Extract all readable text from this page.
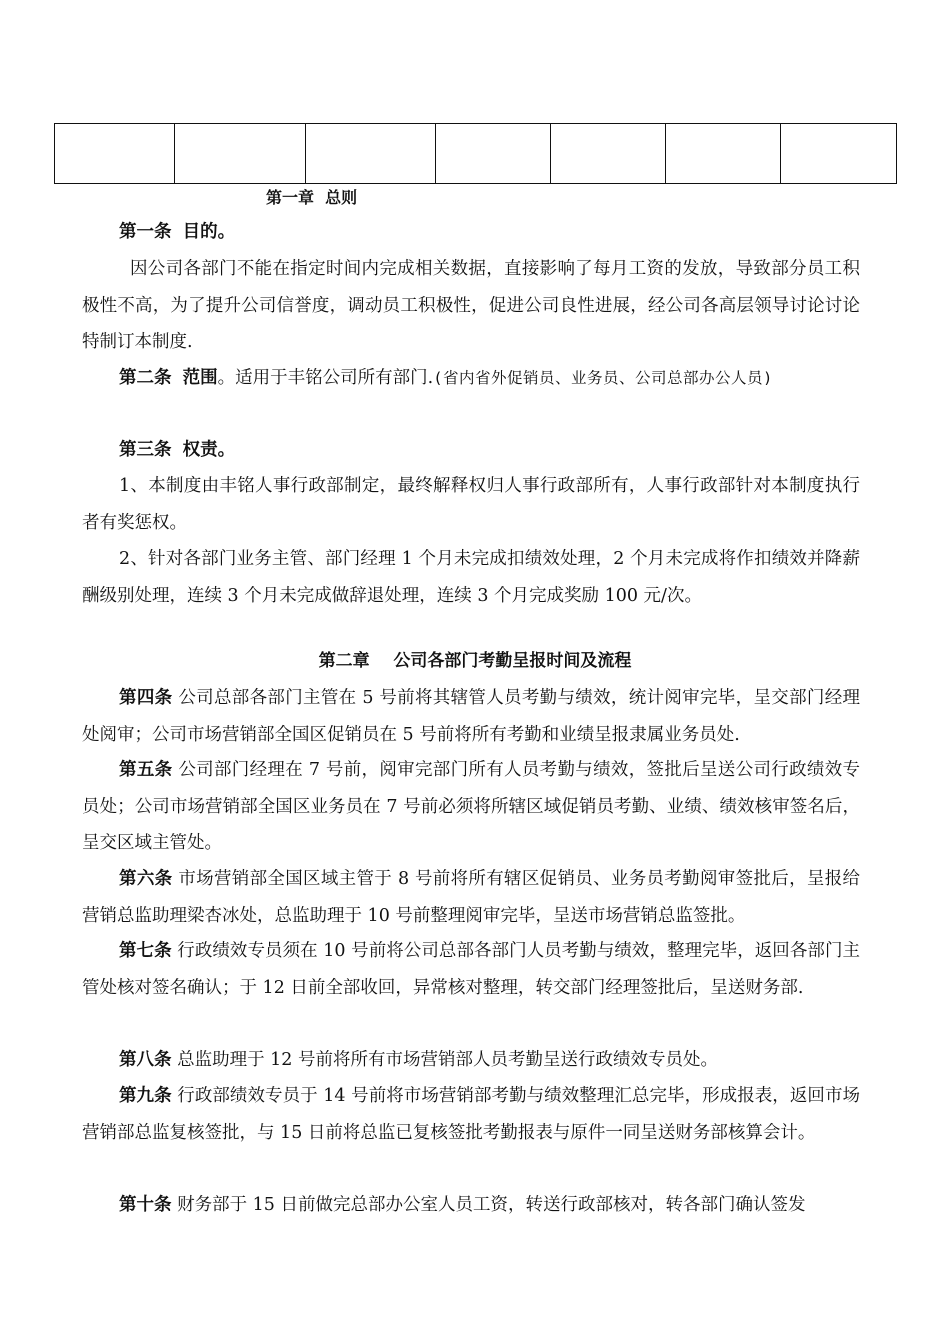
第一章  总则
第一条 目的。
因公司各部门不能在指定时间内完成相关数据，直接影响了每月工资的发放，导致部分员工积极性不高，为了提升公司信誉度，调动员工积极性，促进公司良性进展，经公司各高层领导讨论讨论特制订本制度.
第二条 范围。适用于丰铭公司所有部门.(省内省外促销员、业务员、公司总部办公人员)
第三条 权责。
1、本制度由丰铭人事行政部制定，最终解释权归人事行政部所有，人事行政部针对本制度执行者有奖惩权。
2、针对各部门业务主管、部门经理 1 个月未完成扣绩效处理，2 个月未完成将作扣绩效并降薪酬级别处理，连续 3 个月未完成做辞退处理，连续 3 个月完成奖励 100 元/次。
第二章    公司各部门考勤呈报时间及流程
第四条 公司总部各部门主管在 5 号前将其辖管人员考勤与绩效，统计阅审完毕，呈交部门经理处阅审；公司市场营销部全国区促销员在 5 号前将所有考勤和业绩呈报隶属业务员处.
第五条 公司部门经理在 7 号前，阅审完部门所有人员考勤与绩效，签批后呈送公司行政绩效专员处；公司市场营销部全国区业务员在 7 号前必须将所辖区域促销员考勤、业绩、绩效核审签名后，呈交区域主管处。
第六条 市场营销部全国区域主管于 8 号前将所有辖区促销员、业务员考勤阅审签批后，呈报给营销总监助理梁杏冰处，总监助理于 10 号前整理阅审完毕，呈送市场营销总监签批。
第七条 行政绩效专员须在 10 号前将公司总部各部门人员考勤与绩效，整理完毕，返回各部门主管处核对签名确认；于 12 日前全部收回，异常核对整理，转交部门经理签批后，呈送财务部.
第八条 总监助理于 12 号前将所有市场营销部人员考勤呈送行政绩效专员处。
第九条 行政部绩效专员于 14 号前将市场营销部考勤与绩效整理汇总完毕，形成报表，返回市场营销部总监复核签批，与 15 日前将总监已复核签批考勤报表与原件一同呈送财务部核算会计。
第十条 财务部于 15 日前做完总部办公室人员工资，转送行政部核对，转各部门确认签发
